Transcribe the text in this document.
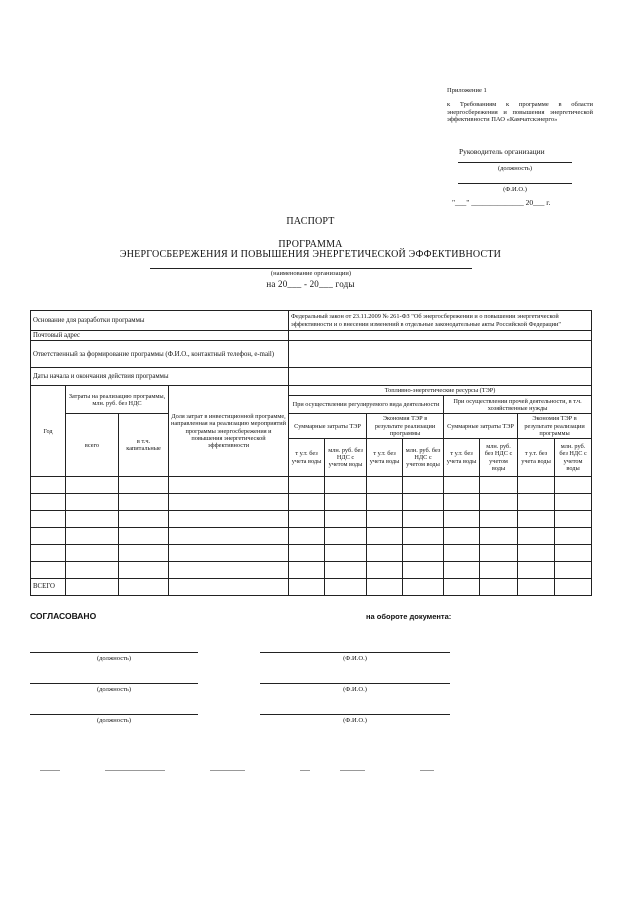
Приложение 1
к Требованиям к программе в области энергосбережения и повышения энергетической эффективности ПАО «Камчатскэнерго»
Руководитель организации
(должность)
(Ф.И.О.)
"___" ______________ 20___ г.
ПАСПОРТ
ПРОГРАММА
ЭНЕРГОСБЕРЕЖЕНИЯ И ПОВЫШЕНИЯ ЭНЕРГЕТИЧЕСКОЙ ЭФФЕКТИВНОСТИ
(наименование организации)
на 20___ - 20___ годы
Основание для разработки программы				Федеральный закон от 23.11.2009 № 261-ФЗ "Об энергосбережении и о повышении энергетической эффективности и о внесении изменений в отдельные законодательные акты Российской Федерации"							
Почтовый адрес											
Ответственный за формирование программы (Ф.И.О., контактный телефон, e-mail)											
Даты начала и окончания действия программы											
Год	Затраты на реализацию программы, млн. руб. без НДС		Доля затрат в инвестиционной программе, направленная на реализацию мероприятий программы энергосбережения и повышения энергетической эффективности	Топливно-энергетические ресурсы (ТЭР)							
				При осуществлении регулируемого вида деятельности				При осуществлении прочей деятельности, в т.ч. хозяйственные нужды			
	всего	в т.ч. капитальные		Суммарные затраты ТЭР		Экономия ТЭР в результате реализации программы		Суммарные затраты ТЭР		Экономия ТЭР в результате реализации программы	
				т у.т. без учета воды	млн. руб. без НДС с учетом воды	т у.т. без учета воды	млн. руб. без НДС с учетом воды	т у.т. без учета воды	млн. руб. без НДС с учетом воды	т у.т. без учета воды	млн. руб. без НДС с учетом воды

ВСЕГО											
СОГЛАСОВАНО	на обороте документа:
(должность)	(Ф.И.О.)
(должность)	(Ф.И.О.)
(должность)	(Ф.И.О.)
